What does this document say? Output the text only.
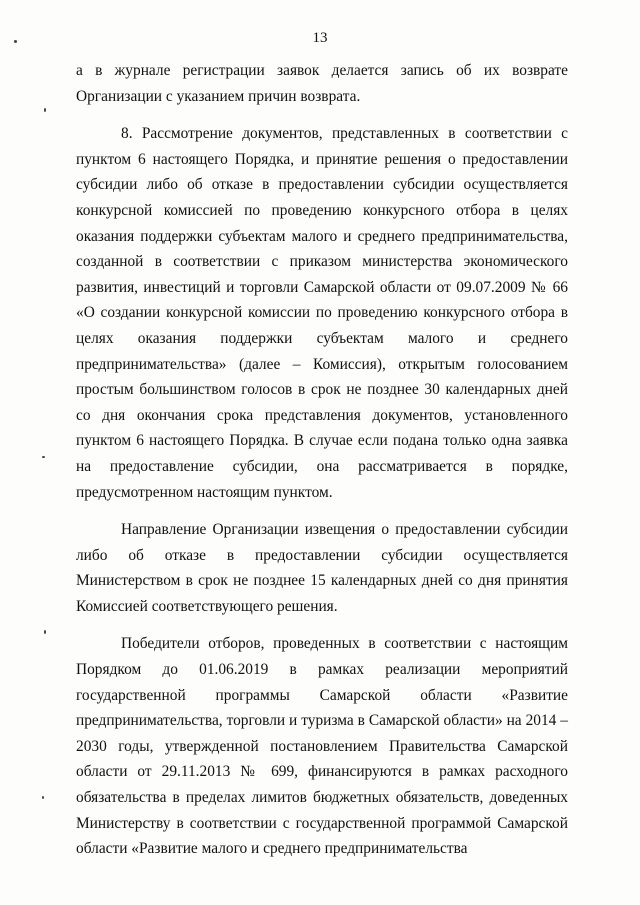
13

а в журнале регистрации заявок делается запись об их возврате Организации с указанием причин возврата.

8. Рассмотрение документов, представленных в соответствии с пунктом 6 настоящего Порядка, и принятие решения о предоставлении субсидии либо об отказе в предоставлении субсидии осуществляется конкурсной комиссией по проведению конкурсного отбора в целях оказания поддержки субъектам малого и среднего предпринимательства, созданной в соответствии с приказом министерства экономического развития, инвестиций и торговли Самарской области от 09.07.2009 № 66 «О создании конкурсной комиссии по проведению конкурсного отбора в целях оказания поддержки субъектам малого и среднего предпринимательства» (далее – Комиссия), открытым голосованием простым большинством голосов в срок не позднее 30 календарных дней со дня окончания срока представления документов, установленного пунктом 6 настоящего Порядка. В случае если подана только одна заявка на предоставление субсидии, она рассматривается в порядке, предусмотренном настоящим пунктом.

Направление Организации извещения о предоставлении субсидии либо об отказе в предоставлении субсидии осуществляется Министерством в срок не позднее 15 календарных дней со дня принятия Комиссией соответствующего решения.

Победители отборов, проведенных в соответствии с настоящим Порядком до 01.06.2019 в рамках реализации мероприятий государственной программы Самарской области «Развитие предпринимательства, торговли и туризма в Самарской области» на 2014 – 2030 годы, утвержденной постановлением Правительства Самарской области от 29.11.2013 № 699, финансируются в рамках расходного обязательства в пределах лимитов бюджетных обязательств, доведенных Министерству в соответствии с государственной программой Самарской области «Развитие малого и среднего предпринимательства
